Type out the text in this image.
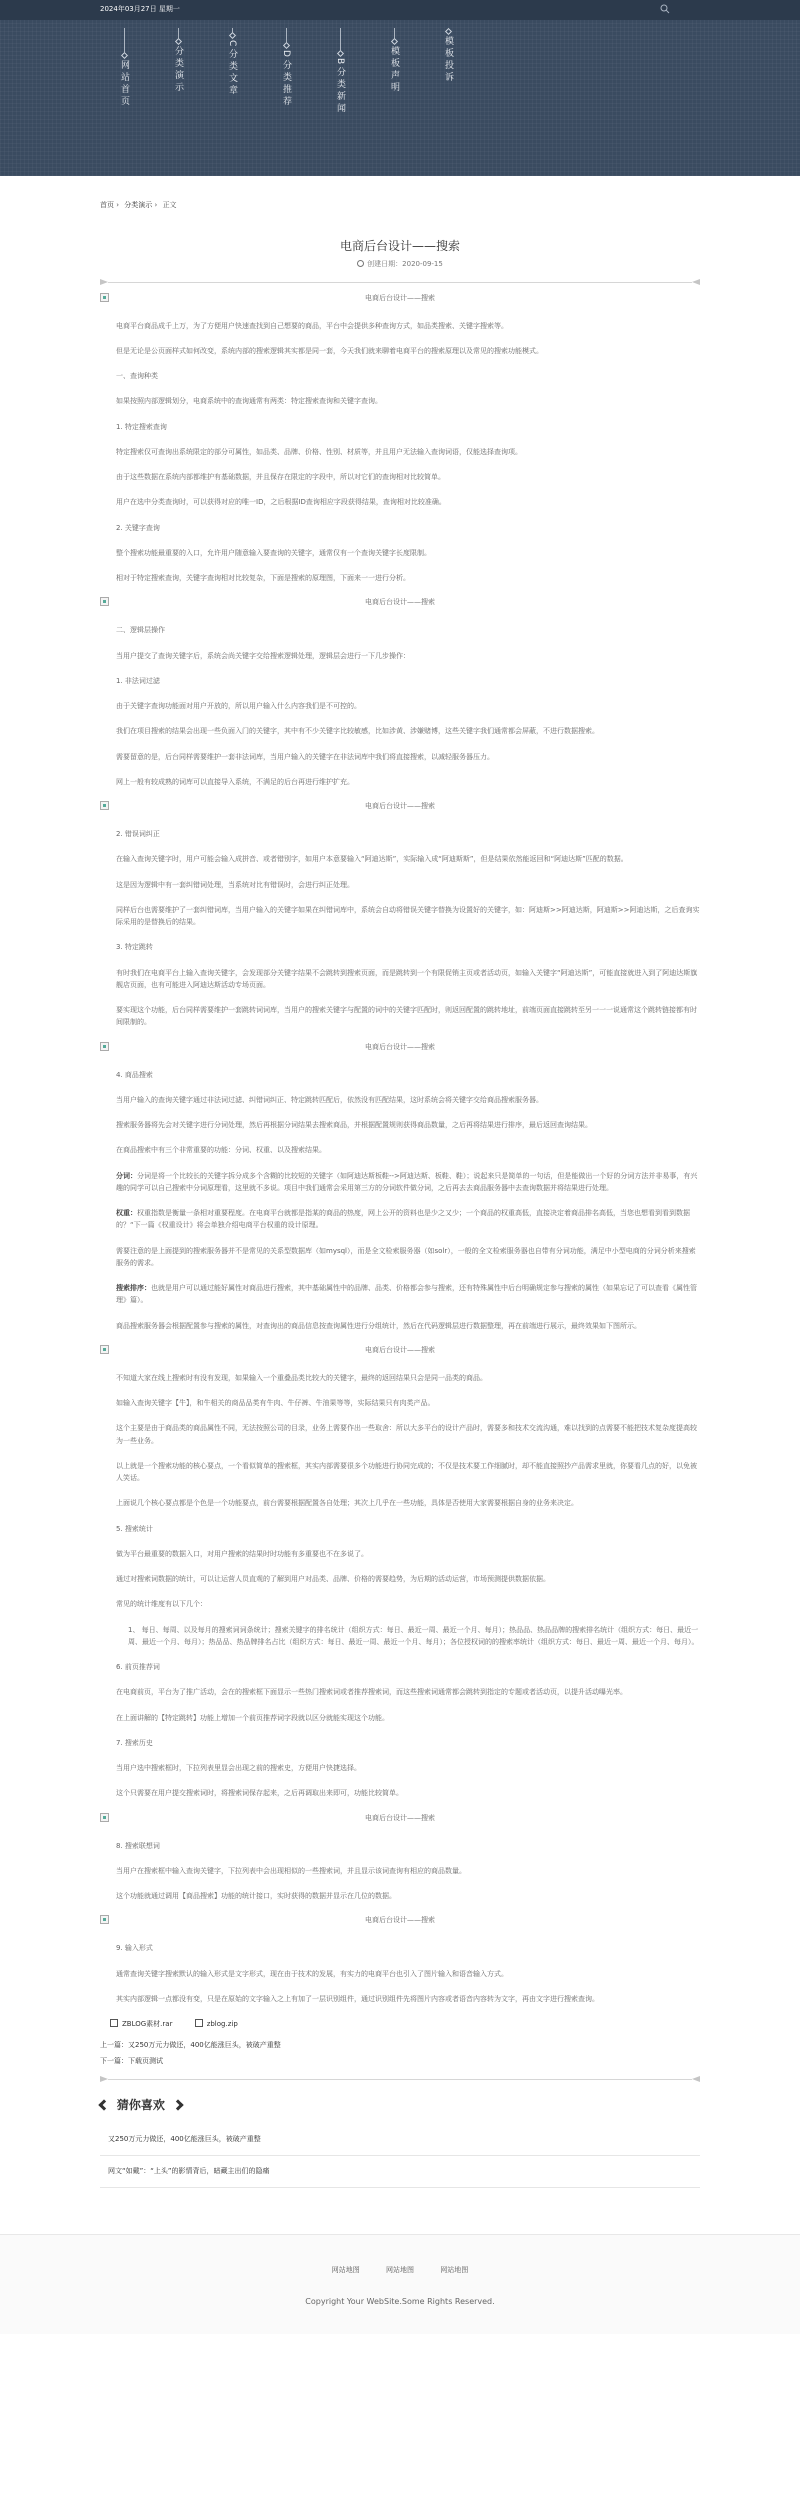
2024年03月27日 星期一
网站首页	分类演示	C分类文章	D分类推荐	B分类新闻	模板声明	模板投诉
首页 › 分类演示 › 正文
电商后台设计——搜索
创建日期：2020-09-15
电商后台设计——搜索

电商平台商品成千上万，为了方便用户快速查找到自己想要的商品，平台中会提供多种查询方式，如品类搜索、关键字搜索等。

但是无论是公页面样式如何改变，系统内部的搜索逻辑其实都是同一套，今天我们就来聊着电商平台的搜索原理以及常见的搜索功能模式。

一、查询种类

如果按照内部逻辑划分，电商系统中的查询通常有两类：特定搜索查询和关键字查询。

1. 特定搜索查询

特定搜索仅可查询出系统限定的部分可属性，如品类、品牌、价格、性别、材质等，并且用户无法输入查询词语，仅能选择查询项。

由于这些数据在系统内部都维护有基础数据，并且保存在限定的字段中，所以对它们的查询相对比较简单。

用户在选中分类查询时，可以获得对应的唯一ID，之后根据ID查询相应字段获得结果，查询相对比较准确。

2. 关键字查询

整个搜索功能最重要的入口，允许用户随意输入要查询的关键字，通常仅有一个查询关键字长度限制。

相对于特定搜索查询，关键字查询相对比较复杂，下面是搜索的原理图，下面来一一进行分析。

电商后台设计——搜索

二、逻辑层操作

当用户提交了查询关键字后，系统会尚关键字交给搜索逻辑处理，逻辑层会进行一下几步操作：

1. 非法词过滤

由于关键字查询功能面对用户开放的，所以用户输入什么内容我们是不可控的。

我们在项目搜索的结果会出现一些负面入门的关键字，其中有不少关键字比较敏感，比如涉黄、涉嫌赌博，这些关键字我们通常都会屏蔽，不进行数据搜索。

需要留意的是，后台同样需要维护一套非法词库，当用户输入的关键字在非法词库中我们将直接搜索，以减轻服务器压力。

网上一般有较成熟的词库可以直接导入系统，不满足的后台再进行维护扩充。

电商后台设计——搜索

2. 错误词纠正

在输入查询关键字时，用户可能会输入成拼音、或者错别字，如用户本意要输入“阿迪达斯”，实际输入成“阿迪斯斯”，但是结果依然能返回和“阿迪达斯”匹配的数据。

这是因为逻辑中有一套纠错词处理，当系统对比有错误时，会进行纠正处理。

同样后台也需要维护了一套纠错词库，当用户输入的关键字如果在纠错词库中，系统会自动将错误关键字替换为设置好的关键字，如：阿迪斯>>阿迪达斯，阿迪斯>>阿迪达斯，之后查询实际采用的是替换后的结果。

3. 特定跳转

有时我们在电商平台上输入查询关键字，会发现部分关键字结果不会跳转到搜索页面，而是跳转到一个有限促销主页或者活动页，如输入关键字“阿迪达斯”，可能直接就进入到了阿迪达斯旗舰店页面，也有可能进入阿迪达斯活动专场页面。

要实现这个功能，后台同样需要维护一套跳转词词库，当用户的搜索关键字与配置的词中的关键字匹配时，则返回配置的跳转地址，前端页面直接跳转至另一一一说通常这个跳转链接都有时间限制的。

电商后台设计——搜索

4. 商品搜索

当用户输入的查询关键字通过非法词过滤、纠错词纠正、特定跳转匹配后，依然没有匹配结果，这时系统会将关键字交给商品搜索服务器。

搜索服务器将先会对关键字进行分词处理，然后再根据分词结果去搜索商品，并根据配置规则获得商品数量，之后再将结果进行排序，最后返回查询结果。

在商品搜索中有三个非常重要的功能：分词、权重、以及搜索结果。

分词：分词是将一个比较长的关键字拆分成多个含糊的比较短的关键字（如阿迪达斯板鞋-->阿迪达斯、板鞋、鞋）；说起来只是简单的一句话，但是能做出一个好的分词方法并非易事，有兴趣的同学可以自己搜索中分词原理看，这里就不多说。项目中我们通常会采用第三方的分词软件做分词，之后再去去商品服务器中去查询数据并将结果进行处理。

权重：权重指数是衡量一条相对重要程度。在电商平台就都是指某的商品的热度，网上公开的资料也是少之又少；一个商品的权重高低，直接决定着商品排名高低，当您也想看到看到数据的？“下一篇《权重设计》将会单独介绍电商平台权重的设计原理。

需要注意的是上面提到的搜索服务器并不是常见的关系型数据库（如mysql），而是全文检索服务器（如solr），一般的全文检索服务器也自带有分词功能，满足中小型电商的分词分析来搜索服务的需求。

搜索排序：也就是用户可以通过能好属性对商品进行搜索，其中基础属性中的品牌、品类、价格都会参与搜索，还有特殊属性中后台明确规定参与搜索的属性（如果忘记了可以查看《属性管理》篇）。

商品搜索服务器会根据配置参与搜索的属性，对查询出的商品信息按查询属性进行分组统计，然后在代码逻辑层进行数据整理，再在前端进行展示，最终效果如下图所示。

电商后台设计——搜索

不知道大家在线上搜索时有没有发现，如果输入一个重叠品类比较大的关键字，最终的返回结果只会是同一品类的商品。

如输入查询关键字【牛】，和牛相关的商品品类有牛肉、牛仔裤、牛油果等等，实际结果只有肉类产品。

这个主要是由于商品类的商品属性不同，无法按照公司的目录，业务上需要作出一些取舍：所以大多平台的设计产品时，需要多和技术交流沟通，难以找到的点需要不能把技术复杂度提高较为一些业务。

以上就是一个搜索功能的核心要点，一个看似简单的搜索框，其实内部需要很多个功能进行协同完成的；不仅是技术要工作细腻时，却不能直接照抄产品需求里就，你要看几点的好，以免被人笑话。

上面说几个核心要点都是个色是一个功能要点，前台需要根据配置各自处理；其次上几乎在一些功能，具体是否使用大家需要根据自身的业务来决定。

5. 搜索统计

做为平台最重要的数据入口，对用户搜索的结果时时功能有多重要也不在多说了。

通过对搜索词数据的统计，可以让运营人员直观的了解到用户对品类、品牌、价格的需要趋势，为后期的活动运营，市场预测提供数据依据。

常见的统计维度有以下几个：

1、 每日、每周、以及每月的搜索词词条统计；搜索关键字的排名统计（组织方式：每日、最近一周、最近一个月、每月）；热品品、热品品牌的搜索排名统计（组织方式：每日、最近一周、最近一个月、每月）；热品品、热品牌排名占比（组织方式：每日、最近一周、最近一个月、每月）；各位授权词的的搜索率统计（组织方式：每日、最近一周、最近一个月、每月）。

6. 前页推荐词

在电商前页，平台为了推广活动，会在的搜索框下面显示一些热门搜索词或者推荐搜索词，而这些搜索词通常都会跳转到指定的专题或者活动页，以提升活动曝光率。

在上面讲解的【特定跳转】功能上增加一个前页推荐词字段就以区分就能实现这个功能。

7. 搜索历史

当用户选中搜索框时，下拉列表里显会出现之前的搜索史，方便用户快捷选择。

这个只需要在用户提交搜索词时，将搜索词保存起来，之后再调取出来即可，功能比较简单。

电商后台设计——搜索

8. 搜索联想词

当用户在搜索框中输入查询关键字，下拉列表中会出现相似的一些搜索词，并且显示该词查询有相应的商品数量。

这个功能就通过调用【商品搜索】功能的统计接口，实时获得的数据并显示在几位的数据。

电商后台设计——搜索

9. 输入形式

通常查询关键字搜索默认的输入形式是文字形式，现在由于技术的发展，有实力的电商平台也引入了图片输入和语音输入方式。

其实内部逻辑一点都没有变，只是在原始的文字输入之上有加了一层识别组件，通过识别组件先将图片内容或者语音内容转为文字，再由文字进行搜索查询。

ZBLOG素材.rar	zblog.zip
上一篇：又250万元力做还，400亿能涨巨头，被破产重整
下一篇：下载页测试
猜你喜欢
又250万元力做还，400亿能涨巨头，被破产重整
网文“如戴”：“上头”的影情背后，暗藏主出们的隐痛
网站地图	网站地图	网站地图
Copyright Your WebSite.Some Rights Reserved.
